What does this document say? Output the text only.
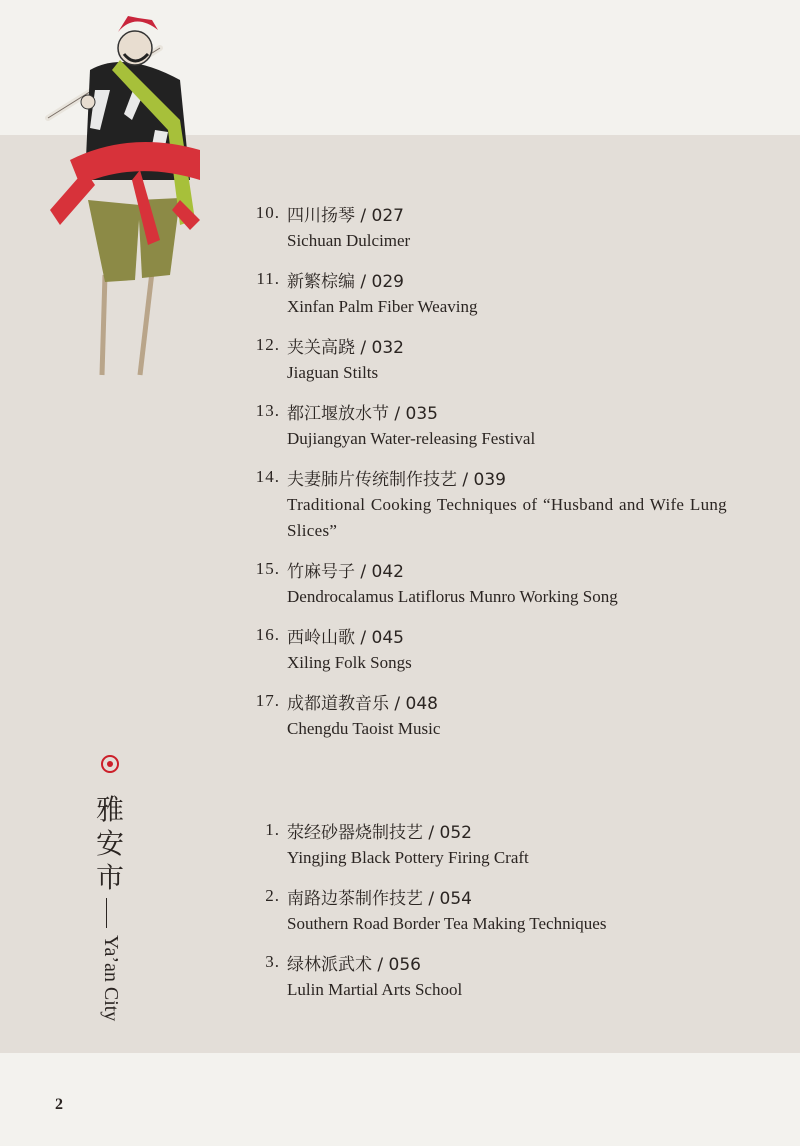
10. 四川扬琴 / 027
Sichuan Dulcimer
11. 新繁棕编 / 029
Xinfan Palm Fiber Weaving
12. 夹关高跷 / 032
Jiaguan Stilts
13. 都江堰放水节 / 035
Dujiangyan Water-releasing Festival
14. 夫妻肺片传统制作技艺 / 039
Traditional Cooking Techniques of “Husband and Wife Lung Slices”
15. 竹麻号子 / 042
Dendrocalamus Latiflorus Munro Working Song
16. 西岭山歌 / 045
Xiling Folk Songs
17. 成都道教音乐 / 048
Chengdu Taoist Music
雅安市
Ya’an City
1. 荥经砂器烧制技艺 / 052
Yingjing Black Pottery Firing Craft
2. 南路边茶制作技艺 / 054
Southern Road Border Tea Making Techniques
3. 绿林派武术 / 056
Lulin Martial Arts School
2
